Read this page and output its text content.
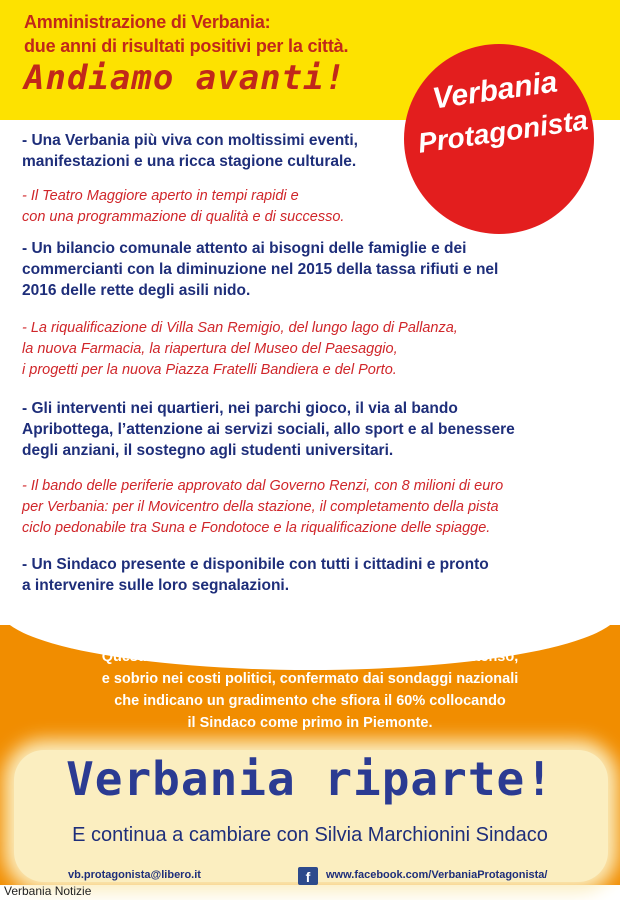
Amministrazione di Verbania:
due anni di risultati positivi per la città.
Andiamo avanti!	Verbania
Protagonista
- Una Verbania più viva con moltissimi eventi,
manifestazioni e una ricca stagione culturale.
- Il Teatro Maggiore aperto in tempi rapidi e
con una programmazione di qualità e di successo.
- Un bilancio comunale attento ai bisogni delle famiglie e dei
commercianti con la diminuzione nel 2015 della tassa rifiuti e nel
2016 delle rette degli asili nido.
- La riqualificazione di Villa San Remigio, del lungo lago di Pallanza,
la nuova Farmacia, la riapertura del Museo del Paesaggio,
i progetti per la nuova Piazza Fratelli Bandiera e del Porto.
- Gli interventi nei quartieri, nei parchi gioco, il via al bando
Apribottega, l’attenzione ai servizi sociali, allo sport e al benessere
degli anziani, il sostegno agli studenti universitari.
- Il bando delle periferie approvato dal Governo Renzi, con 8 milioni di euro
per Verbania: per il Movicentro della stazione, il completamento della pista
ciclo pedonabile tra Suna e Fondotoce e la riqualificazione delle spiagge.
- Un Sindaco presente e disponibile con tutti i cittadini e pronto
a intervenire sulle loro segnalazioni.
Questi alcuni risultati dei primi due anni di impegno intenso,
e sobrio nei costi politici, confermato dai sondaggi nazionali
che indicano un gradimento che sfiora il 60% collocando
il Sindaco come primo in Piemonte.
Verbania riparte!
E continua a cambiare con Silvia Marchionini Sindaco
vb.protagonista@libero.it	f	www.facebook.com/VerbaniaProtagonista/
Verbania Notizie
